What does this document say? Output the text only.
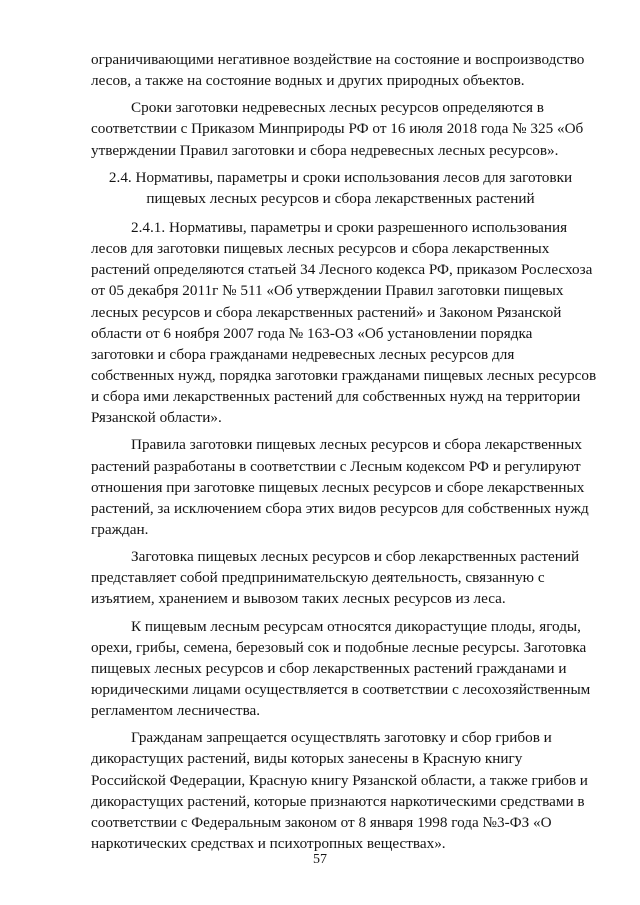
ограничивающими негативное воздействие на состояние и воспроизводство
лесов, а также на состояние водных и других природных объектов.
Сроки заготовки недревесных лесных ресурсов определяются в
соответствии с Приказом Минприроды РФ от 16 июля 2018 года № 325 «Об
утверждении Правил заготовки и сбора недревесных лесных ресурсов».
2.4. Нормативы, параметры и сроки использования лесов для заготовки
пищевых лесных ресурсов и сбора лекарственных растений
2.4.1. Нормативы, параметры и сроки разрешенного использования
лесов для заготовки пищевых лесных ресурсов и сбора лекарственных
растений определяются статьей 34 Лесного кодекса РФ, приказом Рослесхоза
от 05 декабря 2011г № 511 «Об утверждении Правил заготовки пищевых
лесных ресурсов и сбора лекарственных растений» и Законом Рязанской
области от 6 ноября 2007 года № 163-ОЗ «Об установлении порядка
заготовки и сбора гражданами недревесных лесных ресурсов для
собственных нужд, порядка заготовки гражданами пищевых лесных ресурсов
и сбора ими лекарственных растений для собственных нужд на территории
Рязанской области».
Правила заготовки пищевых лесных ресурсов и сбора лекарственных
растений разработаны в соответствии с Лесным кодексом РФ и регулируют
отношения при заготовке пищевых лесных ресурсов и сборе лекарственных
растений, за исключением сбора этих видов ресурсов для собственных нужд
граждан.
Заготовка пищевых лесных ресурсов и сбор лекарственных растений
представляет собой предпринимательскую деятельность, связанную с
изъятием, хранением и вывозом таких лесных ресурсов из леса.
К пищевым лесным ресурсам относятся дикорастущие плоды, ягоды,
орехи, грибы, семена, березовый сок и подобные лесные ресурсы. Заготовка
пищевых лесных ресурсов и сбор лекарственных растений гражданами и
юридическими лицами осуществляется в соответствии с лесохозяйственным
регламентом лесничества.
Гражданам запрещается осуществлять заготовку и сбор грибов и
дикорастущих растений, виды которых занесены в Красную книгу
Российской Федерации, Красную книгу Рязанской области, а также грибов и
дикорастущих растений, которые признаются наркотическими средствами в
соответствии с Федеральным законом от 8 января 1998 года №3-ФЗ «О
наркотических средствах и психотропных веществах».
57
